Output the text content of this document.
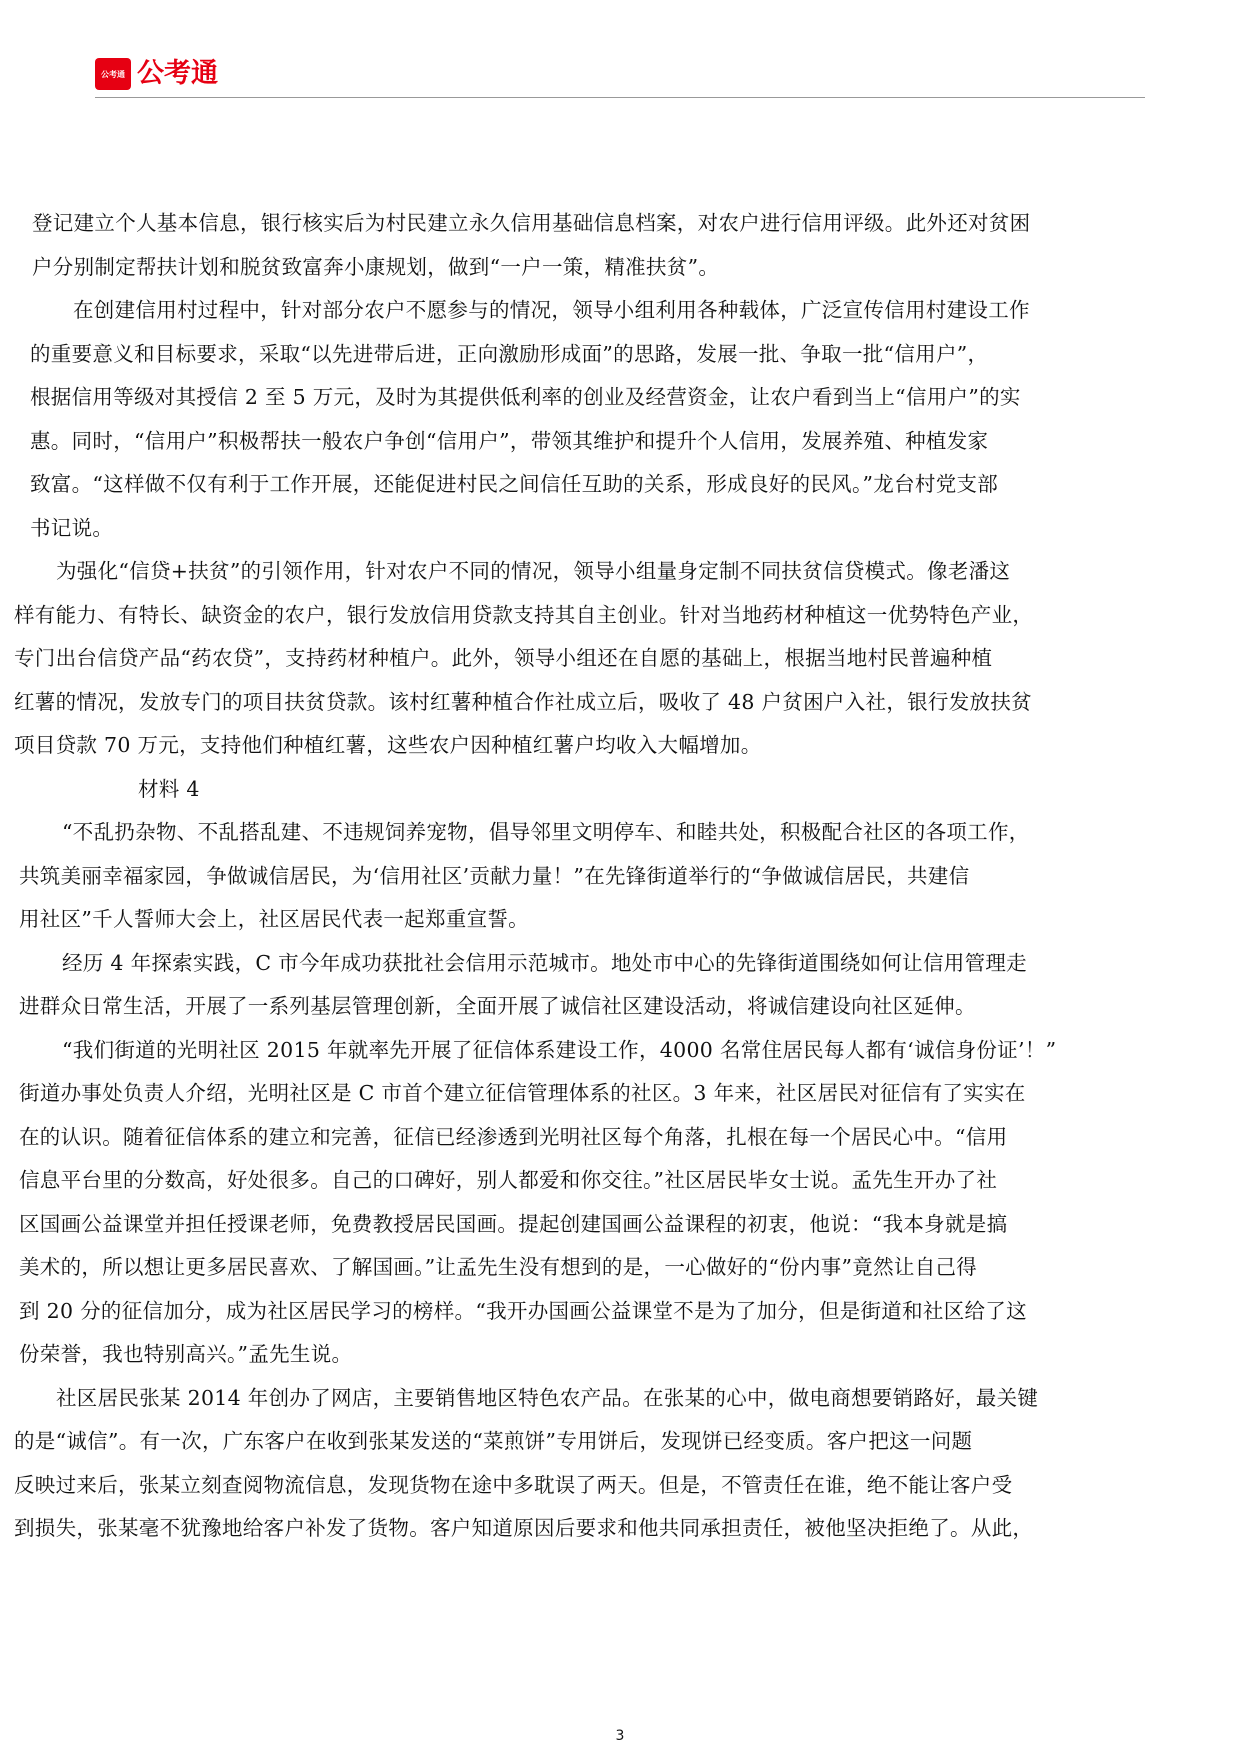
公考通 公考通
登记建立个人基本信息，银行核实后为村民建立永久信用基础信息档案，对农户进行信用评级。此外还对贫困
户分别制定帮扶计划和脱贫致富奔小康规划，做到“一户一策，精准扶贫”。
在创建信用村过程中，针对部分农户不愿参与的情况，领导小组利用各种载体，广泛宣传信用村建设工作
的重要意义和目标要求，采取“以先进带后进，正向激励形成面”的思路，发展一批、争取一批“信用户”，
根据信用等级对其授信 2 至 5 万元，及时为其提供低利率的创业及经营资金，让农户看到当上“信用户”的实
惠。同时，“信用户”积极帮扶一般农户争创“信用户”，带领其维护和提升个人信用，发展养殖、种植发家
致富。“这样做不仅有利于工作开展，还能促进村民之间信任互助的关系，形成良好的民风。”龙台村党支部
书记说。
为强化“信贷+扶贫”的引领作用，针对农户不同的情况，领导小组量身定制不同扶贫信贷模式。像老潘这
样有能力、有特长、缺资金的农户，银行发放信用贷款支持其自主创业。针对当地药材种植这一优势特色产业，
专门出台信贷产品“药农贷”，支持药材种植户。此外，领导小组还在自愿的基础上，根据当地村民普遍种植
红薯的情况，发放专门的项目扶贫贷款。该村红薯种植合作社成立后，吸收了 48 户贫困户入社，银行发放扶贫
项目贷款 70 万元，支持他们种植红薯，这些农户因种植红薯户均收入大幅增加。
材料 4
“不乱扔杂物、不乱搭乱建、不违规饲养宠物，倡导邻里文明停车、和睦共处，积极配合社区的各项工作，
共筑美丽幸福家园，争做诚信居民，为‘信用社区’贡献力量！”在先锋街道举行的“争做诚信居民，共建信
用社区”千人誓师大会上，社区居民代表一起郑重宣誓。
经历 4 年探索实践，C 市今年成功获批社会信用示范城市。地处市中心的先锋街道围绕如何让信用管理走
进群众日常生活，开展了一系列基层管理创新，全面开展了诚信社区建设活动，将诚信建设向社区延伸。
“我们街道的光明社区 2015 年就率先开展了征信体系建设工作，4000 名常住居民每人都有‘诚信身份证’！”
街道办事处负责人介绍，光明社区是 C 市首个建立征信管理体系的社区。3 年来，社区居民对征信有了实实在
在的认识。随着征信体系的建立和完善，征信已经渗透到光明社区每个角落，扎根在每一个居民心中。“信用
信息平台里的分数高，好处很多。自己的口碑好，别人都爱和你交往。”社区居民毕女士说。孟先生开办了社
区国画公益课堂并担任授课老师，免费教授居民国画。提起创建国画公益课程的初衷，他说：“我本身就是搞
美术的，所以想让更多居民喜欢、了解国画。”让孟先生没有想到的是，一心做好的“份内事”竟然让自己得
到 20 分的征信加分，成为社区居民学习的榜样。“我开办国画公益课堂不是为了加分，但是街道和社区给了这
份荣誉，我也特别高兴。”孟先生说。
社区居民张某 2014 年创办了网店，主要销售地区特色农产品。在张某的心中，做电商想要销路好，最关键
的是“诚信”。有一次，广东客户在收到张某发送的“菜煎饼”专用饼后，发现饼已经变质。客户把这一问题
反映过来后，张某立刻查阅物流信息，发现货物在途中多耽误了两天。但是，不管责任在谁，绝不能让客户受
到损失，张某毫不犹豫地给客户补发了货物。客户知道原因后要求和他共同承担责任，被他坚决拒绝了。从此，
3
